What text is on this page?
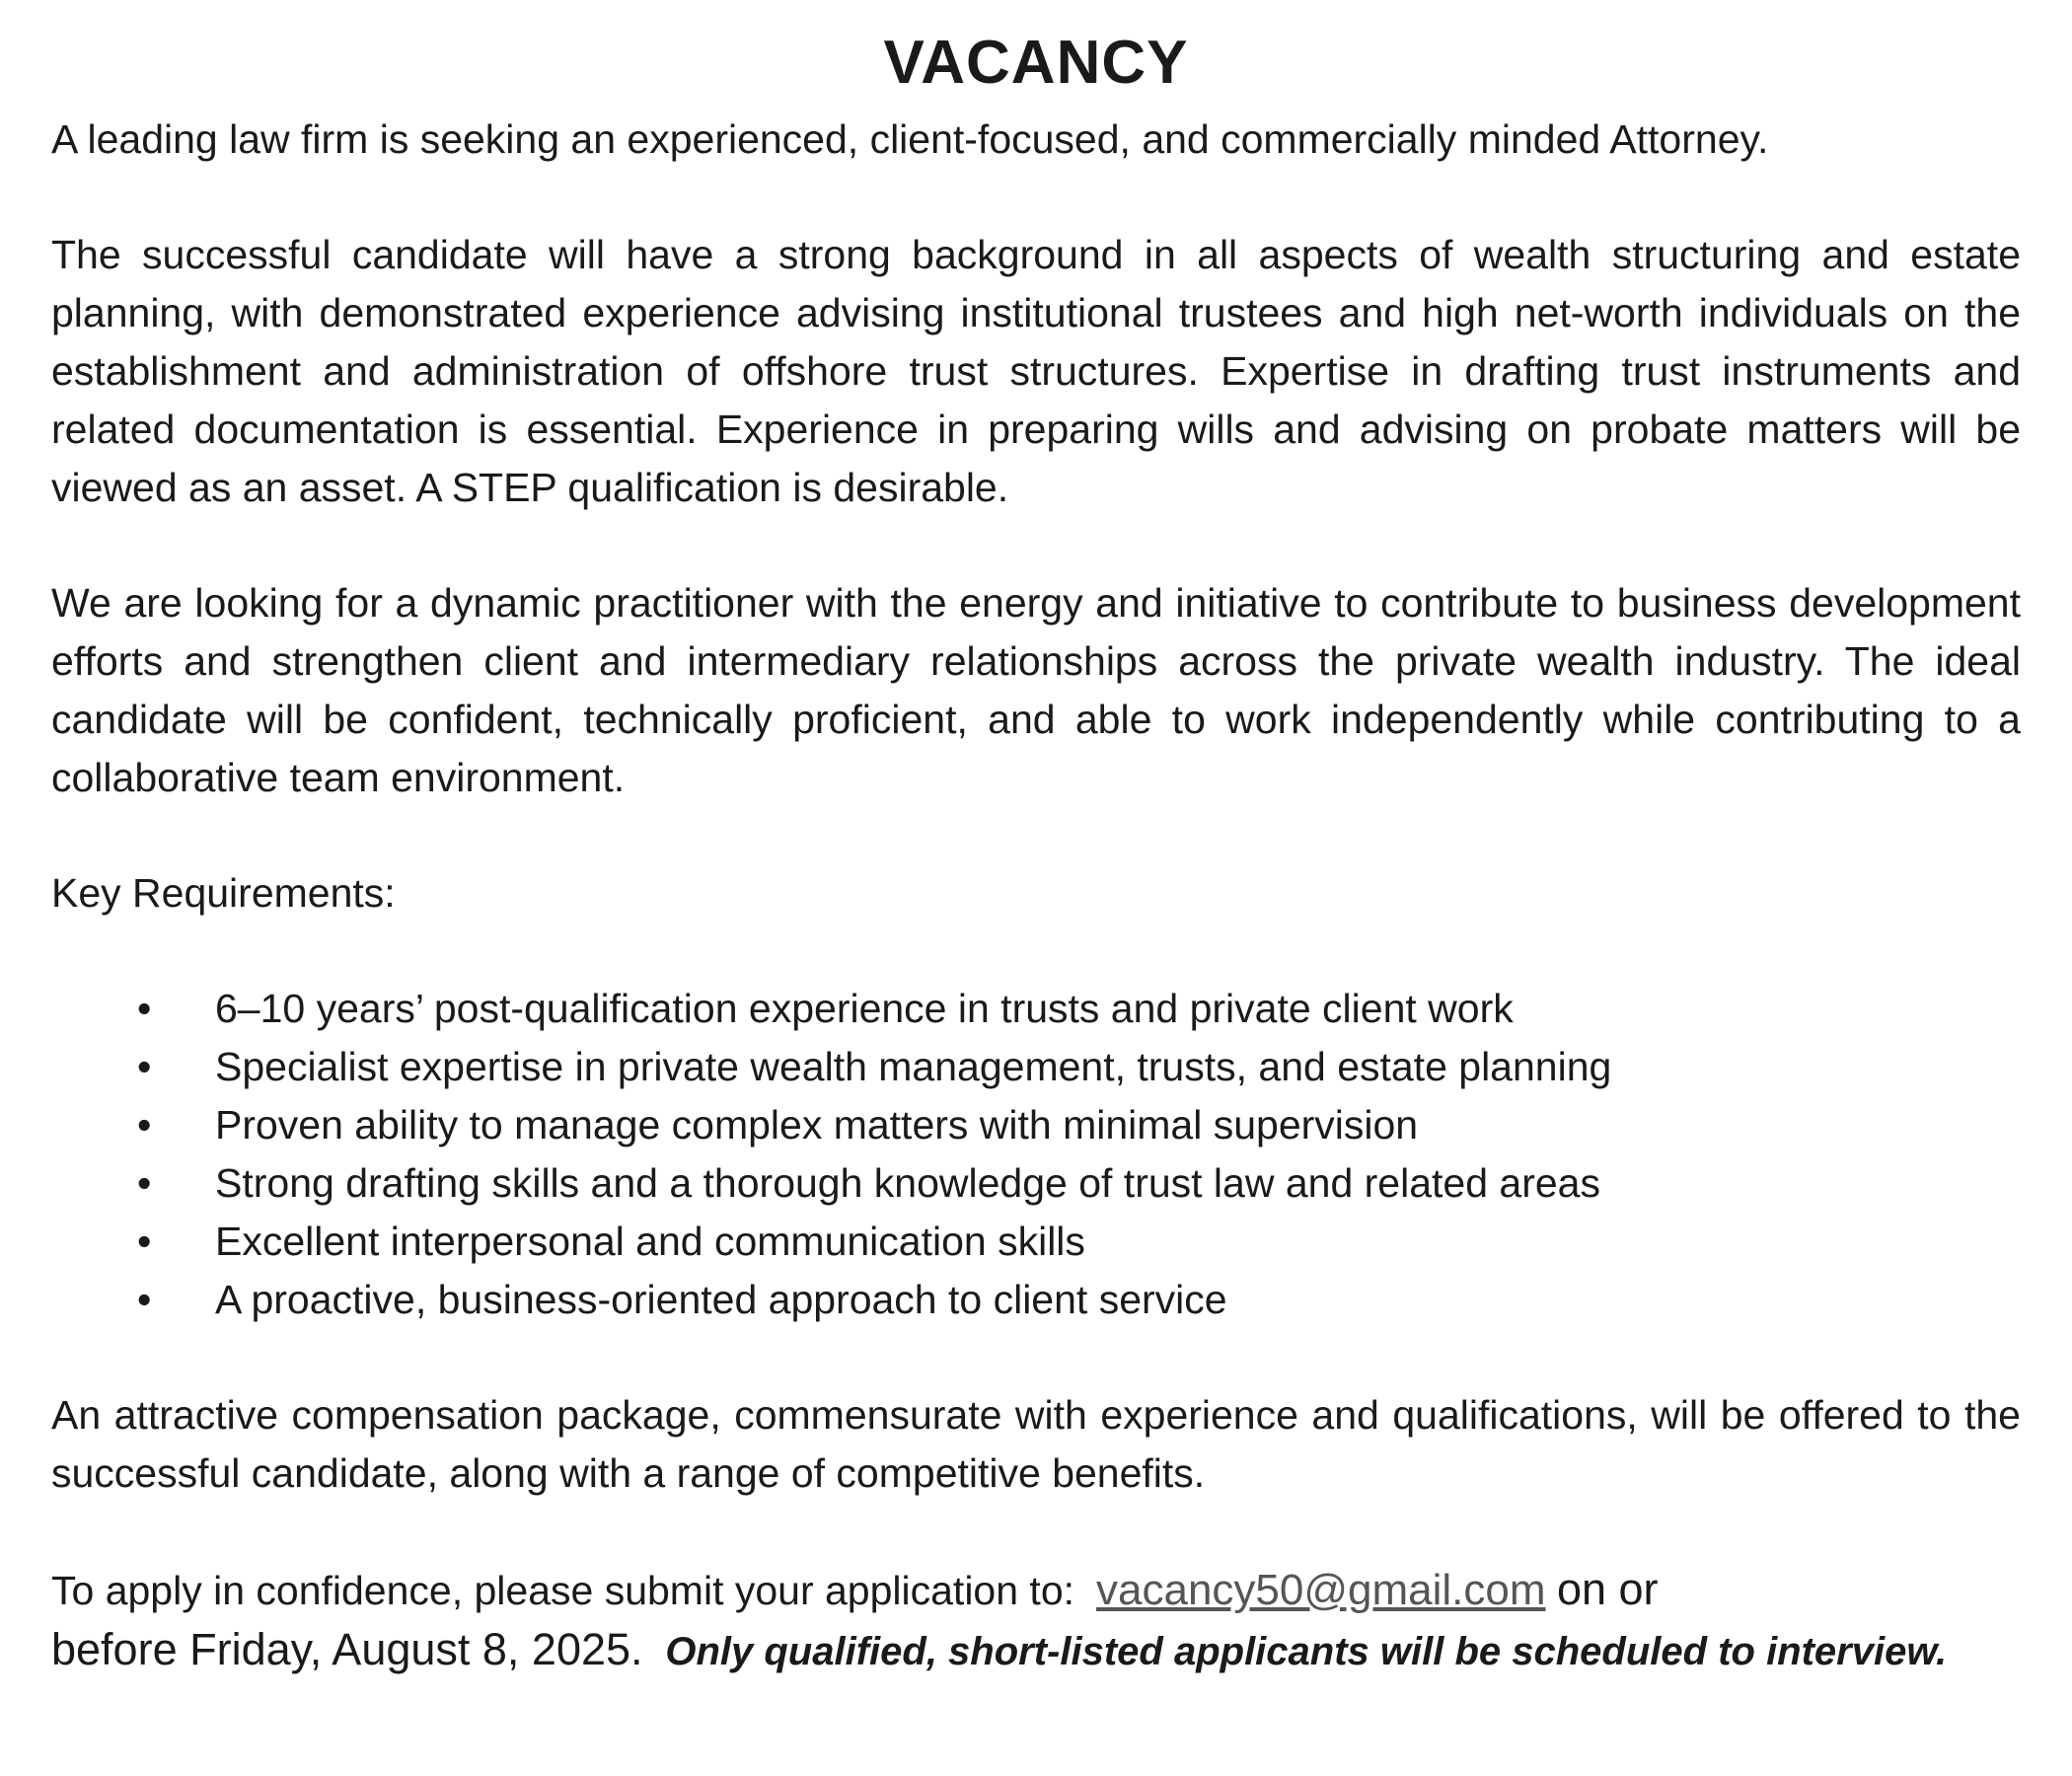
VACANCY

A leading law firm is seeking an experienced, client-focused, and commercially minded Attorney.

The successful candidate will have a strong background in all aspects of wealth structuring and estate planning, with demonstrated experience advising institutional trustees and high net-worth individuals on the establishment and administration of offshore trust structures. Expertise in drafting trust instruments and related documentation is essential. Experience in preparing wills and advising on probate matters will be viewed as an asset. A STEP qualification is desirable.

We are looking for a dynamic practitioner with the energy and initiative to contribute to business development efforts and strengthen client and intermediary relationships across the private wealth industry. The ideal candidate will be confident, technically proficient, and able to work independently while contributing to a collaborative team environment.

Key Requirements:

• 6–10 years’ post-qualification experience in trusts and private client work
• Specialist expertise in private wealth management, trusts, and estate planning
• Proven ability to manage complex matters with minimal supervision
• Strong drafting skills and a thorough knowledge of trust law and related areas
• Excellent interpersonal and communication skills
• A proactive, business-oriented approach to client service

An attractive compensation package, commensurate with experience and qualifications, will be offered to the successful candidate, along with a range of competitive benefits.

To apply in confidence, please submit your application to: vacancy50@gmail.com on or
before Friday, August 8, 2025. Only qualified, short-listed applicants will be scheduled to interview.
